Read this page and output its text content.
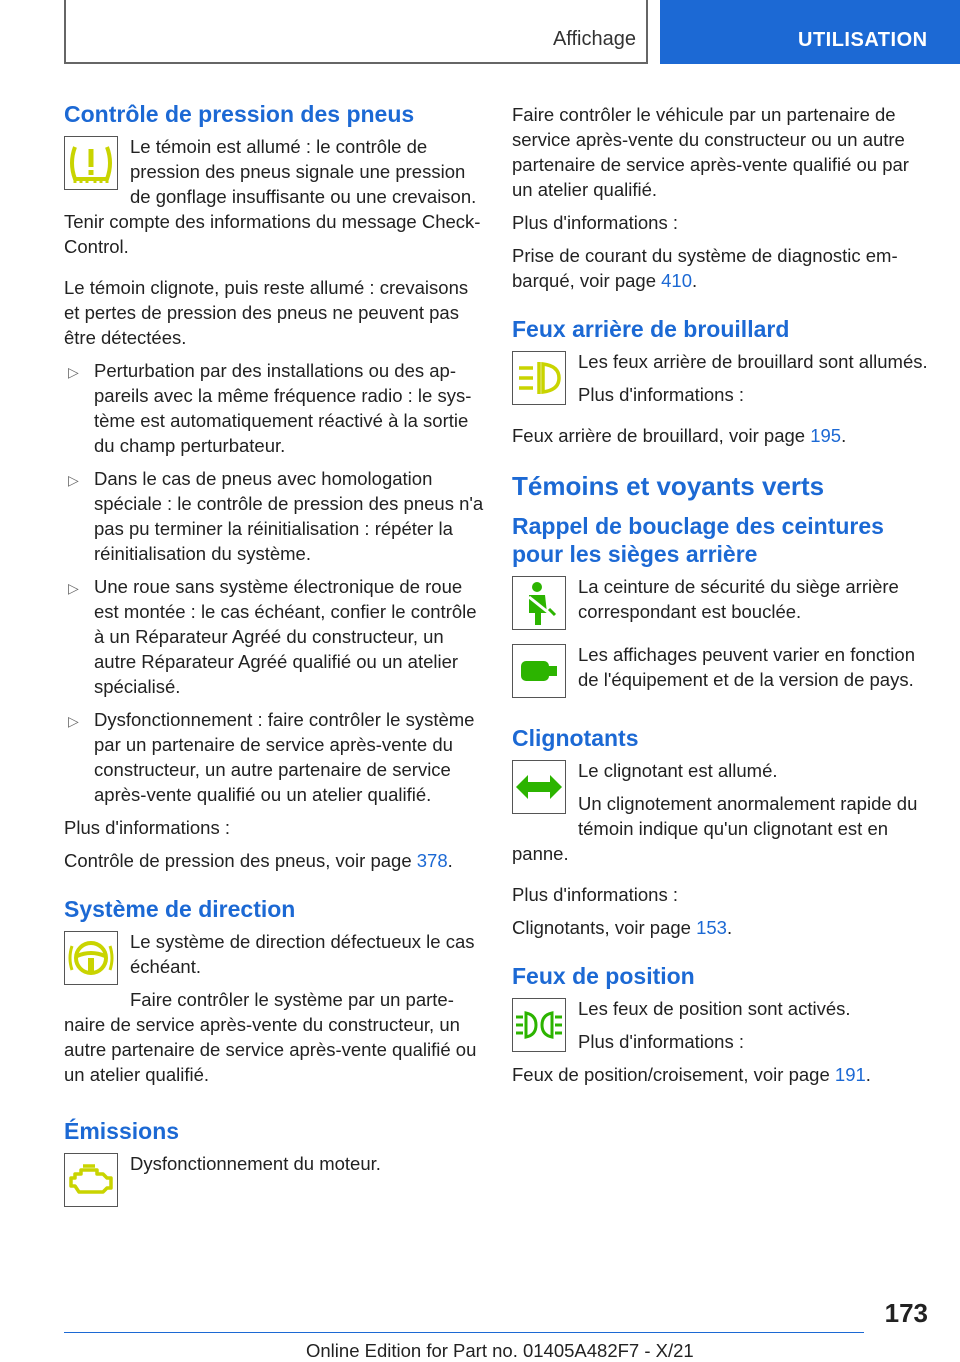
Affichage	UTILISATION
Contrôle de pression des pneus

Le témoin est allumé : le contrôle de pression des pneus signale une pression de gonflage insuffisante ou une crevaison. Tenir compte des informations du message Check-Control.

Le témoin clignote, puis reste allumé : crevaisons et pertes de pression des pneus ne peuvent pas être détectées.

▷ Perturbation par des installations ou des appareils avec la même fréquence radio : le système est automatiquement réactivé à la sortie du champ perturbateur.
▷ Dans le cas de pneus avec homologation spéciale : le contrôle de pression des pneus n'a pas pu terminer la réinitialisation : répéter la réinitialisation du système.
▷ Une roue sans système électronique de roue est montée : le cas échéant, confier le contrôle à un Réparateur Agréé du constructeur, un autre Réparateur Agréé qualifié ou un atelier spécialisé.
▷ Dysfonctionnement : faire contrôler le système par un partenaire de service après-vente du constructeur, un autre partenaire de service après-vente qualifié ou un atelier qualifié.

Plus d'informations :

Contrôle de pression des pneus, voir page 378.

Système de direction

Le système de direction défectueux le cas échéant.

Faire contrôler le système par un partenaire de service après-vente du constructeur, un autre partenaire de service après-vente qualifié ou un atelier qualifié.

Émissions

Dysfonctionnement du moteur.

Faire contrôler le véhicule par un partenaire de service après-vente du constructeur ou un autre partenaire de service après-vente qualifié ou par un atelier qualifié.

Plus d'informations :

Prise de courant du système de diagnostic embarqué, voir page 410.

Feux arrière de brouillard

Les feux arrière de brouillard sont allumés.

Plus d'informations :

Feux arrière de brouillard, voir page 195.

Témoins et voyants verts
Rappel de bouclage des ceintures pour les sièges arrière

La ceinture de sécurité du siège arrière correspondant est bouclée.

Les affichages peuvent varier en fonction de l'équipement et de la version de pays.

Clignotants

Le clignotant est allumé.

Un clignotement anormalement rapide du témoin indique qu'un clignotant est en panne.

Plus d'informations :

Clignotants, voir page 153.

Feux de position

Les feux de position sont activés.

Plus d'informations :

Feux de position/croisement, voir page 191.

173
Online Edition for Part no. 01405A482F7 - X/21
